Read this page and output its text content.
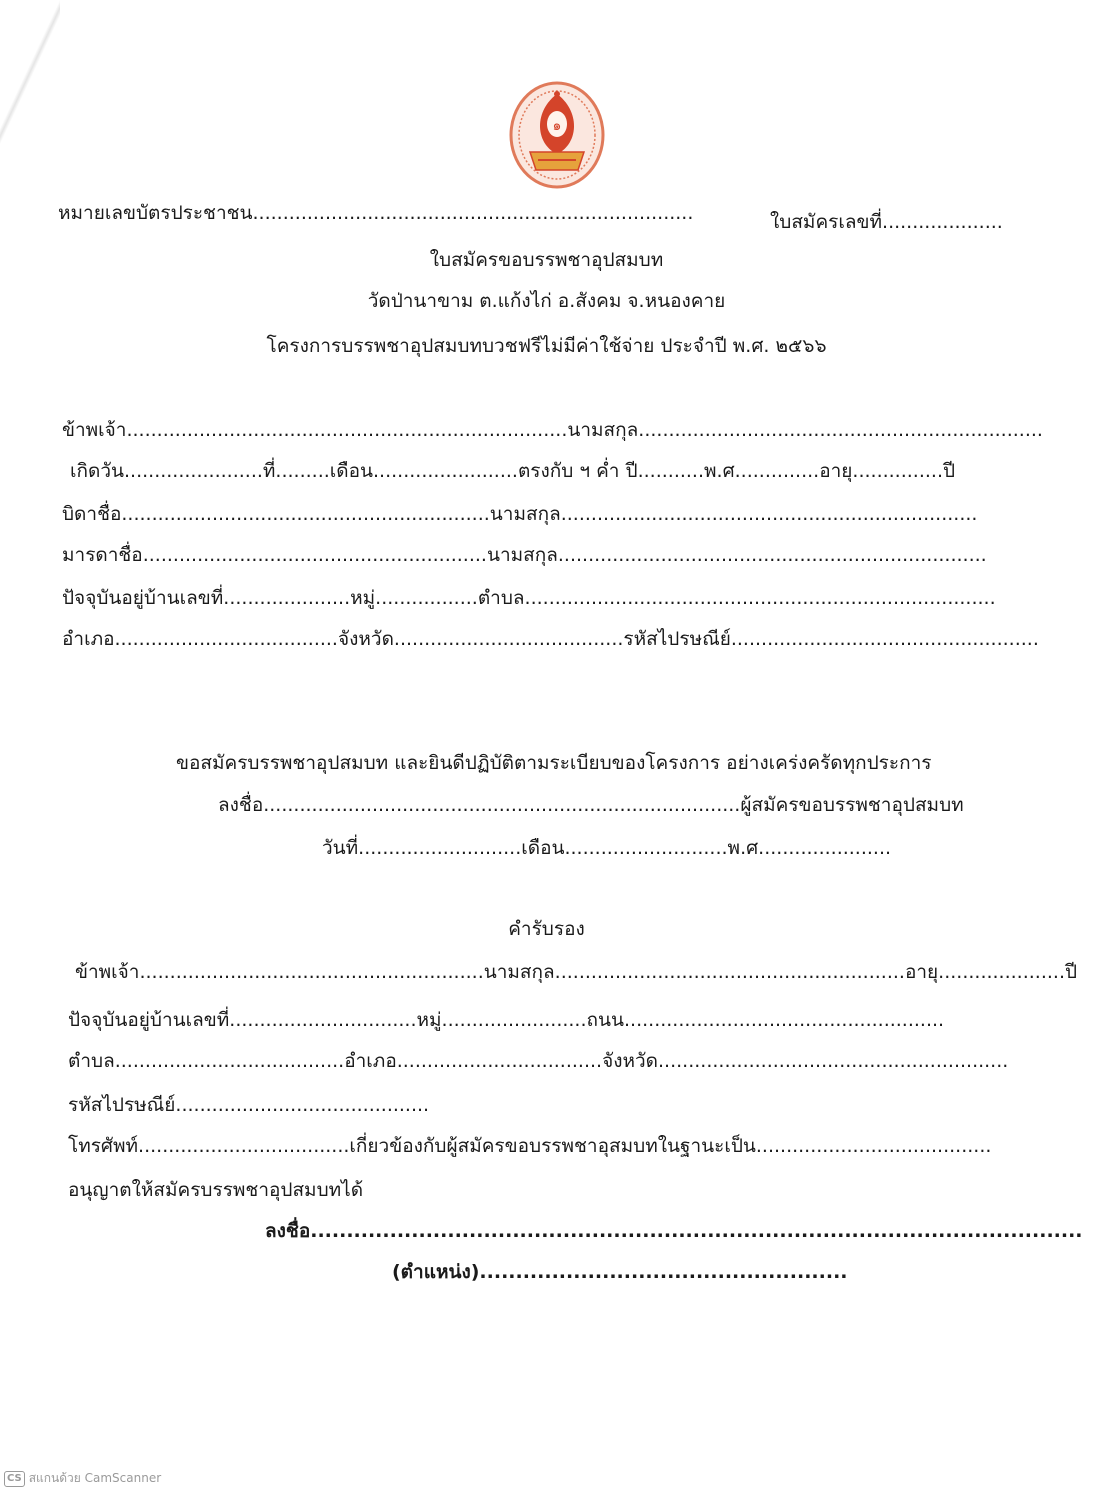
๑
หมายเลขบัตรประชาชน.........................................................................	ใบสมัครเลขที่....................
ใบสมัครขอบรรพชาอุปสมบท
วัดป่านาขาม ต.แก้งไก่ อ.สังคม จ.หนองคาย
โครงการบรรพชาอุปสมบทบวชฟรีไม่มีค่าใช้จ่าย ประจำปี พ.ศ. ๒๕๖๖
ข้าพเจ้า.........................................................................นามสกุล...................................................................
เกิดวัน.......................ที่.........เดือน........................ตรงกับ ฯ ค่ำ ปี...........พ.ศ..............อายุ...............ปี
บิดาชื่อ.............................................................นามสกุล.....................................................................
มารดาชื่อ.........................................................นามสกุล.......................................................................
ปัจจุบันอยู่บ้านเลขที่.....................หมู่.................ตำบล..............................................................................
อำเภอ.....................................จังหวัด......................................รหัสไปรษณีย์...................................................
ขอสมัครบรรพชาอุปสมบท และยินดีปฏิบัติตามระเบียบของโครงการ อย่างเคร่งครัดทุกประการ
ลงชื่อ...............................................................................ผู้สมัครขอบรรพชาอุปสมบท
วันที่...........................เดือน...........................พ.ศ......................
คำรับรอง
ข้าพเจ้า.........................................................นามสกุล..........................................................อายุ.....................ปี
ปัจจุบันอยู่บ้านเลขที่...............................หมู่........................ถนน.....................................................
ตำบล......................................อำเภอ..................................จังหวัด..........................................................
รหัสไปรษณีย์..........................................
โทรศัพท์...................................เกี่ยวข้องกับผู้สมัครขอบรรพชาอุสมบทในฐานะเป็น.......................................
อนุญาตให้สมัครบรรพชาอุปสมบทได้
ลงชื่อ...........................................................................................................
(ตำแหน่ง)...................................................
CS สแกนด้วย CamScanner
